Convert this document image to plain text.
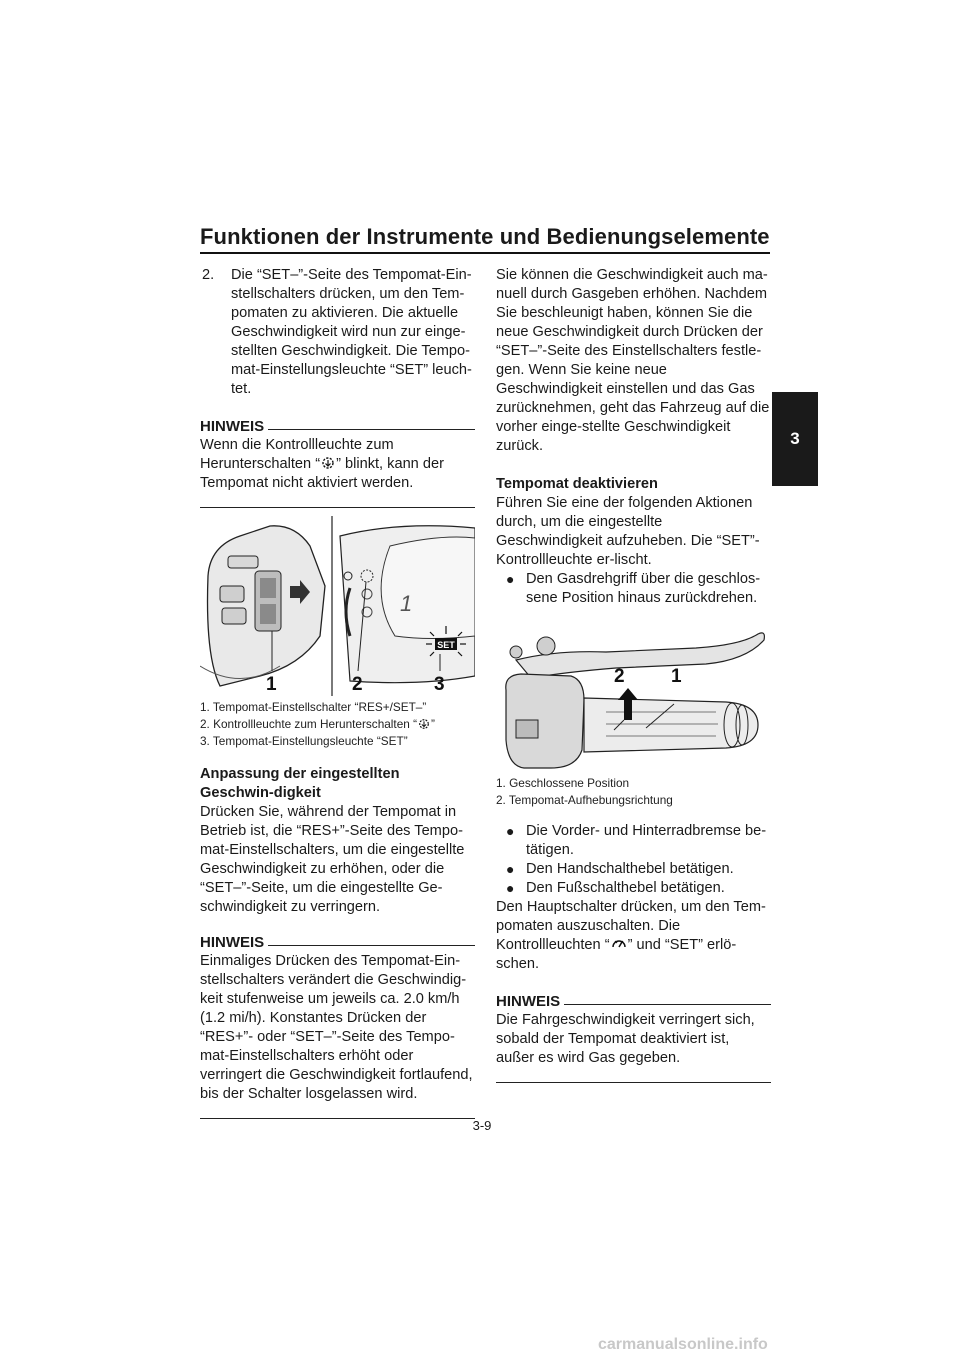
Funktionen der Instrumente und Bedienungselemente
3
2.	Die “SET–”-Seite des Tempomat-Ein-stellschalters drücken, um den Tem-pomaten zu aktivieren. Die aktuelle Geschwindigkeit wird nun zur einge-stellten Geschwindigkeit. Die Tempo-mat-Einstellungsleuchte “SET” leuch-tet.

HINWEIS

Wenn die Kontrollleuchte zum Herunterschalten “ ” blinkt, kann der Tempomat nicht aktiviert werden.

1
SET
1	2	3

1. Tempomat-Einstellschalter “RES+/SET–”

2. Kontrollleuchte zum Herunterschalten “ ”

3. Tempomat-Einstellungsleuchte “SET”

Anpassung der eingestellten Geschwin-digkeit

Drücken Sie, während der Tempomat in Betrieb ist, die “RES+”-Seite des Tempo-mat-Einstellschalters, um die eingestellte Geschwindigkeit zu erhöhen, oder die “SET–”-Seite, um die eingestellte Ge-schwindigkeit zu verringern.

HINWEIS

Einmaliges Drücken des Tempomat-Ein-stellschalters verändert die Geschwindig-keit stufenweise um jeweils ca. 2.0 km/h (1.2 mi/h). Konstantes Drücken der “RES+”- oder “SET–”-Seite des Tempo-mat-Einstellschalters erhöht oder verringert die Geschwindigkeit fortlaufend, bis der Schalter losgelassen wird.

Sie können die Geschwindigkeit auch ma-nuell durch Gasgeben erhöhen. Nachdem Sie beschleunigt haben, können Sie die neue Geschwindigkeit durch Drücken der “SET–”-Seite des Einstellschalters festle-gen. Wenn Sie keine neue Geschwindigkeit einstellen und das Gas zurücknehmen, geht das Fahrzeug auf die vorher einge-stellte Geschwindigkeit zurück.

Tempomat deaktivieren

Führen Sie eine der folgenden Aktionen durch, um die eingestellte Geschwindigkeit aufzuheben. Die “SET”-Kontrollleuchte er-lischt.

● Den Gasdrehgriff über die geschlos-sene Position hinaus zurückdrehen.

2 1

1. Geschlossene Position

2. Tempomat-Aufhebungsrichtung

● Die Vorder- und Hinterradbremse be-tätigen.

● Den Handschalthebel betätigen.

● Den Fußschalthebel betätigen.

Den Hauptschalter drücken, um den Tem-pomaten auszuschalten. Die Kontrollleuchten “ ” und “SET” erlö-schen.

HINWEIS

Die Fahrgeschwindigkeit verringert sich, sobald der Tempomat deaktiviert ist, außer es wird Gas gegeben.

3-9
carmanualsonline.info
